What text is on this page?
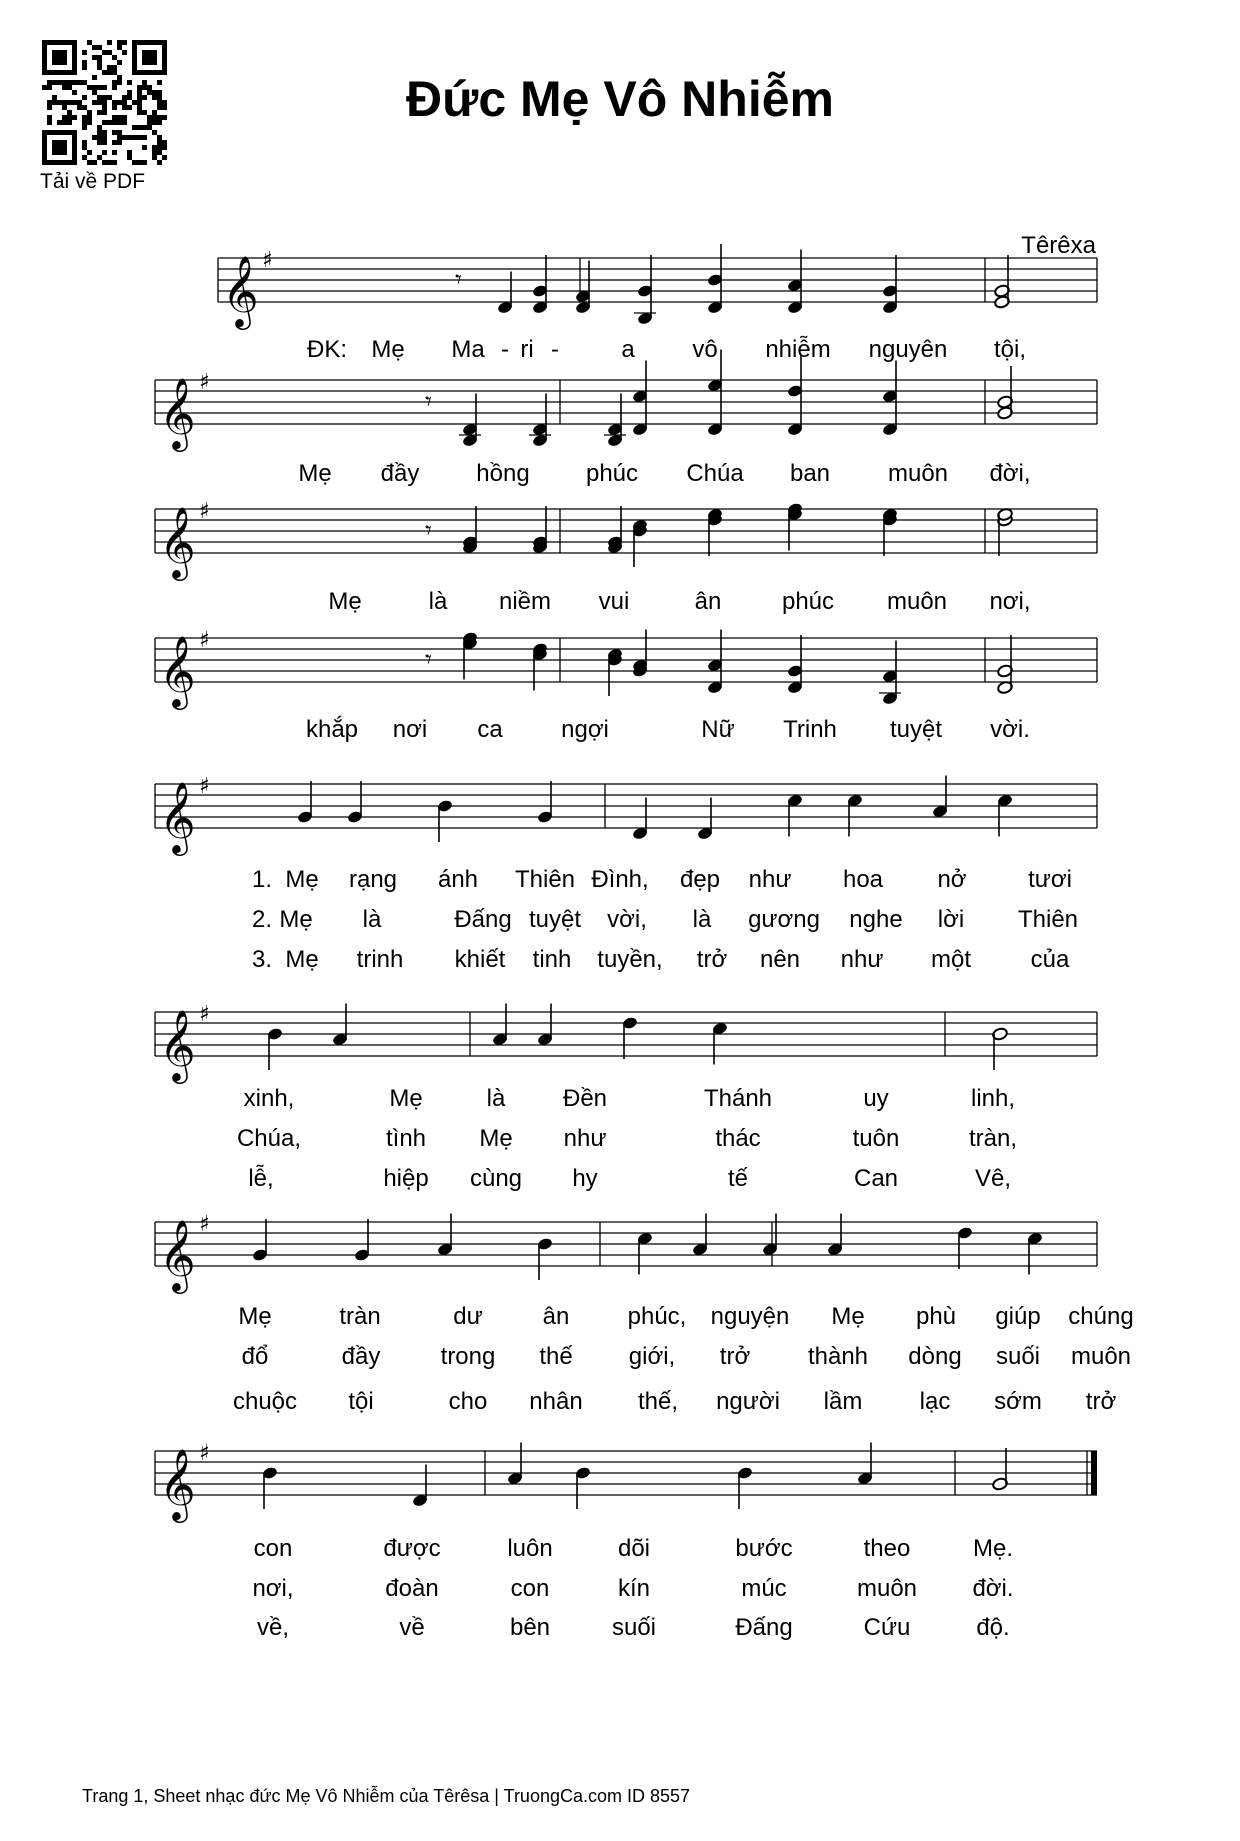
Tải về PDF
Đức Mẹ Vô Nhiễm
Têrêxa
𝄞 ♯
𝄞 ♯
𝄞 ♯
𝄞 ♯
𝄞 ♯
𝄞 ♯
𝄞 ♯
𝄞 ♯
𝄾
𝄾
𝄾
𝄾
ĐK: Mẹ Ma - ri -	a vô nhiễm nguyên tội,
Mẹ đầy hồng phúc Chúa ban muôn đời,
Mẹ	là niềm vui	ân	phúc muôn nơi,
khắp nơi ca ngợi	Nữ Trinh tuyệt vời.
1.
2.
3.
Mẹ rạng ánh Thiên Đình, đẹp như hoa nở	tươi
Mẹ là	Đấng tuyệt vời, là gương nghe lời Thiên
Mẹ trinh khiết tinh tuyền, trở nên như một của
xinh,	Mẹ	là Đền	Thánh	uy	linh,
Chúa,	tình Mẹ như	thác	tuôn	tràn,
lễ,	hiệp cùng hy	tế	Can	Vê,
Mẹ	tràn	dư ân phúc, nguyện Mẹ phù giúp chúng
đổ	đầy	trong thế giới, trở thành dòng suối muôn
chuộc tội	cho nhân thế, người lầm lạc sớm trở
con	được	luôn	dõi	bước	theo	Mẹ.
nơi,	đoàn	con	kín	múc	muôn đời.
về,	về	bên	suối	Đấng	Cứu	độ.
Trang 1, Sheet nhạc đức Mẹ Vô Nhiễm của Têrêsa | TruongCa.com ID 8557
